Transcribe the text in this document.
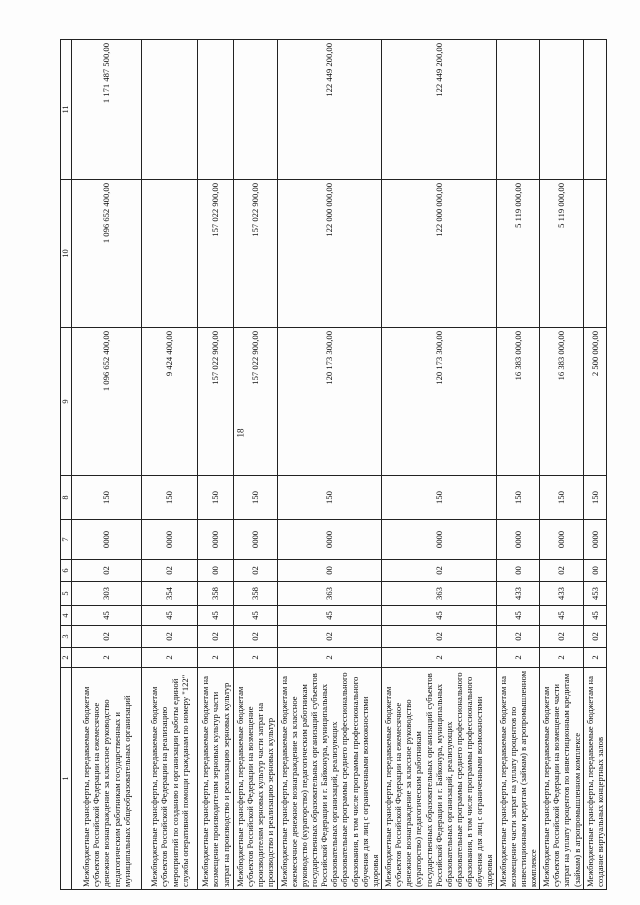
18
1	2	3	4	5	6	7	8	9	10	11
Межбюджетные трансферты, передаваемые бюджетам субъектов Российской Федерации на ежемесячное денежное вознаграждение за классное руководство педагогическим работникам государственных и муниципальных общеобразовательных организаций	2	02	45	303	02	0000	150	1 096 652 400,00	1 096 652 400,00	1 171 487 500,00
Межбюджетные трансферты, передаваемые бюджетам субъектов Российской Федерации на реализацию мероприятий по созданию и организации работы единой службы оперативной помощи гражданам по номеру "122"	2	02	45	354	02	0000	150	9 424 400,00		
Межбюджетные трансферты, передаваемые бюджетам на возмещение производителям зерновых культур части затрат на производство и реализацию зерновых культур	2	02	45	358	00	0000	150	157 022 900,00	157 022 900,00	
Межбюджетные трансферты, передаваемые бюджетам субъектов Российской Федерации на возмещение производителям зерновых культур части затрат на производство и реализацию зерновых культур	2	02	45	358	02	0000	150	157 022 900,00	157 022 900,00	
Межбюджетные трансферты, передаваемые бюджетам на ежемесячное денежное вознаграждение за классное руководство (кураторство) педагогическим работникам государственных образовательных организаций субъектов Российской Федерации и г. Байконура, муниципальных образовательных организаций, реализующих образовательные программы среднего профессионального образования, в том числе программы профессионального обучения для лиц с ограниченными возможностями здоровья	2	02	45	363	00	0000	150	120 173 300,00	122 000 000,00	122 449 200,00
Межбюджетные трансферты, передаваемые бюджетам субъектов Российской Федерации на ежемесячное денежное вознаграждение за классное руководство (кураторство) педагогическим работникам государственных образовательных организаций субъектов Российской Федерации и г. Байконура, муниципальных образовательных организаций, реализующих образовательные программы среднего профессионального образования, в том числе программы профессионального обучения для лиц с ограниченными возможностями здоровья	2	02	45	363	02	0000	150	120 173 300,00	122 000 000,00	122 449 200,00
Межбюджетные трансферты, передаваемые бюджетам на возмещение части затрат на уплату процентов по инвестиционным кредитам (займам) в агропромышленном комплексе	2	02	45	433	00	0000	150	16 383 000,00	5 119 000,00	
Межбюджетные трансферты, передаваемые бюджетам субъектов Российской Федерации на возмещение части затрат на уплату процентов по инвестиционным кредитам (займам) в агропромышленном комплексе	2	02	45	433	02	0000	150	16 383 000,00	5 119 000,00	
Межбюджетные трансферты, передаваемые бюджетам на создание виртуальных концертных залов	2	02	45	453	00	0000	150	2 500 000,00		
